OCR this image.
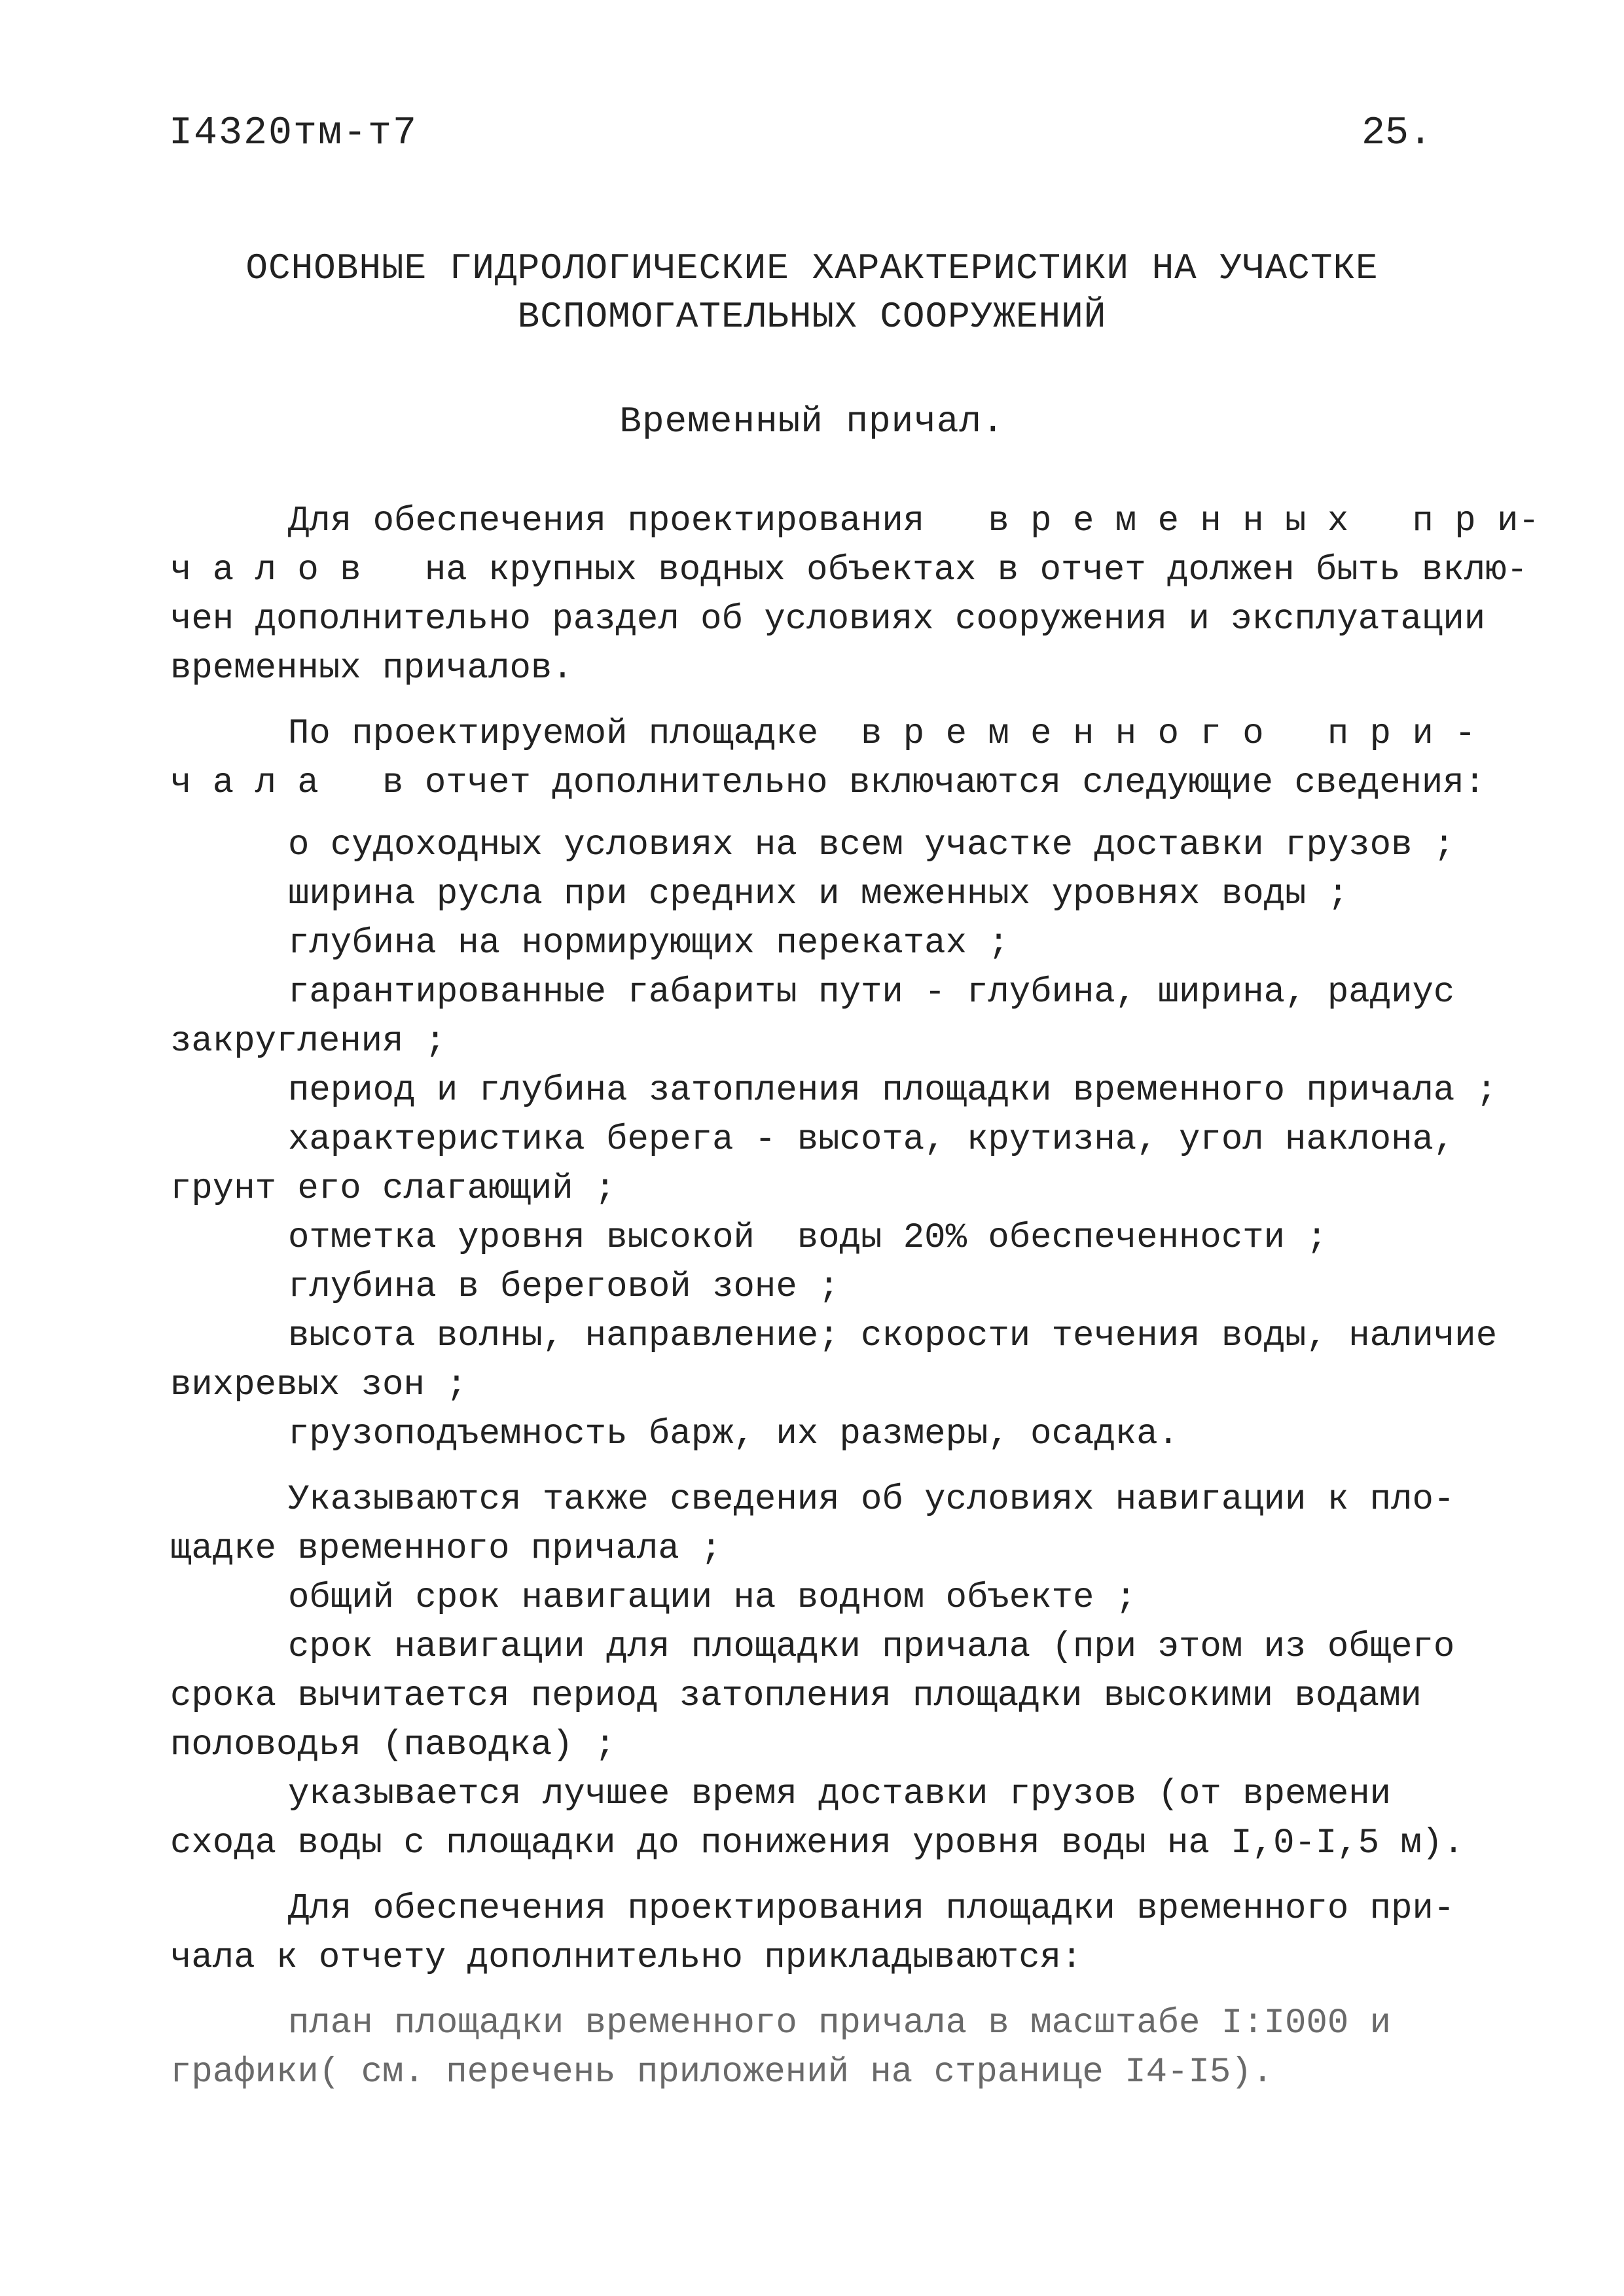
I4320тм-т7	25.
ОСНОВНЫЕ ГИДРОЛОГИЧЕСКИЕ ХАРАКТЕРИСТИКИ НА УЧАСТКЕ
ВСПОМОГАТЕЛЬНЫХ СООРУЖЕНИЙ
Временный причал.
Для обеспечения проектирования   в р е м е н н ы х   п р и-
ч а л о в   на крупных водных объектах в отчет должен быть вклю-
чен дополнительно раздел об условиях сооружения и эксплуатации
временных причалов.
По проектируемой площадке  в р е м е н н о г о   п р и -
ч а л а   в отчет дополнительно включаются следующие сведения:
о судоходных условиях на всем участке доставки грузов ;
ширина русла при средних и меженных уровнях воды ;
глубина на нормирующих перекатах ;
гарантированные габариты пути - глубина, ширина, радиус
закругления ;
период и глубина затопления площадки временного причала ;
характеристика берега - высота, крутизна, угол наклона,
грунт его слагающий ;
отметка уровня высокой  воды 20% обеспеченности ;
глубина в береговой зоне ;
высота волны, направление; скорости течения воды, наличие
вихревых зон ;
грузоподъемность барж, их размеры, осадка.
Указываются также сведения об условиях навигации к пло-
щадке временного причала ;
общий срок навигации на водном объекте ;
срок навигации для площадки причала (при этом из общего
срока вычитается период затопления площадки высокими водами
половодья (паводка) ;
указывается лучшее время доставки грузов (от времени
схода воды с площадки до понижения уровня воды на I,0-I,5 м).
Для обеспечения проектирования площадки временного при-
чала к отчету дополнительно прикладываются:
план площадки временного причала в масштабе I:I000 и
графики( см. перечень приложений на странице I4-I5).
